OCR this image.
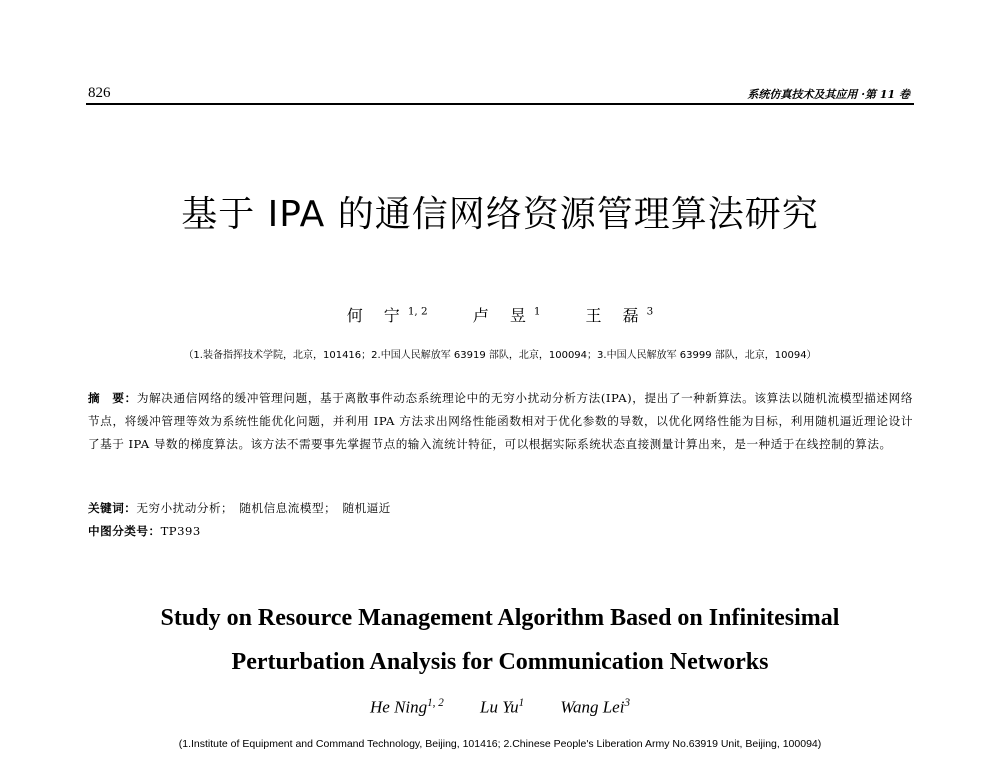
826	系统仿真技术及其应用 ·第 11 卷
基于 IPA 的通信网络资源管理算法研究
何 宁$^{1, 2}$	卢 昱$^1$	王 磊$^3$
（1.装备指挥技术学院，北京，101416；2.中国人民解放军 63919 部队，北京，100094；3.中国人民解放军 63999 部队，北京，10094）
摘　要：为解决通信网络的缓冲管理问题，基于离散事件动态系统理论中的无穷小扰动分析方法(IPA)，提出了一种新算法。该算法以随机流模型描述网络节点，将缓冲管理等效为系统性能优化问题，并利用 IPA 方法求出网络性能函数相对于优化参数的导数，以优化网络性能为目标，利用随机逼近理论设计了基于 IPA 导数的梯度算法。该方法不需要事先掌握节点的输入流统计特征，可以根据实际系统状态直接测量计算出来，是一种适于在线控制的算法。
关键词：无穷小扰动分析；　随机信息流模型；　随机逼近
中图分类号：TP393
Study on Resource Management Algorithm Based on Infinitesimal
Perturbation Analysis for Communication Networks
He Ning$^{1, 2}$ Lu Yu$^1$ Wang Lei$^3$
(1.Institute of Equipment and Command Technology, Beijing, 101416; 2.Chinese People's Liberation Army No.63919 Unit, Beijing, 100094)
